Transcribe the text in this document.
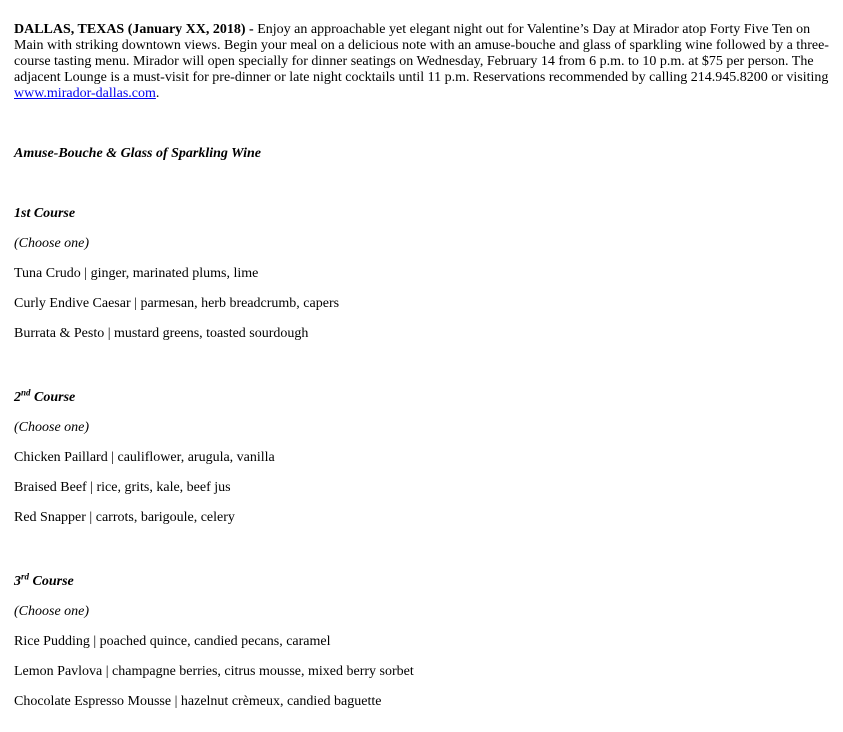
DALLAS, TEXAS (January XX, 2018) - Enjoy an approachable yet elegant night out for Valentine’s Day at Mirador atop Forty Five Ten on Main with striking downtown views. Begin your meal on a delicious note with an amuse-bouche and glass of sparkling wine followed by a three-course tasting menu. Mirador will open specially for dinner seatings on Wednesday, February 14 from 6 p.m. to 10 p.m. at $75 per person. The adjacent Lounge is a must-visit for pre-dinner or late night cocktails until 11 p.m. Reservations recommended by calling 214.945.8200 or visiting www.mirador-dallas.com.

Amuse-Bouche & Glass of Sparkling Wine

1st Course

(Choose one)

Tuna Crudo | ginger, marinated plums, lime

Curly Endive Caesar | parmesan, herb breadcrumb, capers

Burrata & Pesto | mustard greens, toasted sourdough

2nd Course

(Choose one)

Chicken Paillard | cauliflower, arugula, vanilla

Braised Beef | rice, grits, kale, beef jus

Red Snapper | carrots, barigoule, celery

3rd Course

(Choose one)

Rice Pudding | poached quince, candied pecans, caramel

Lemon Pavlova | champagne berries, citrus mousse, mixed berry sorbet

Chocolate Espresso Mousse | hazelnut crèmeux, candied baguette
